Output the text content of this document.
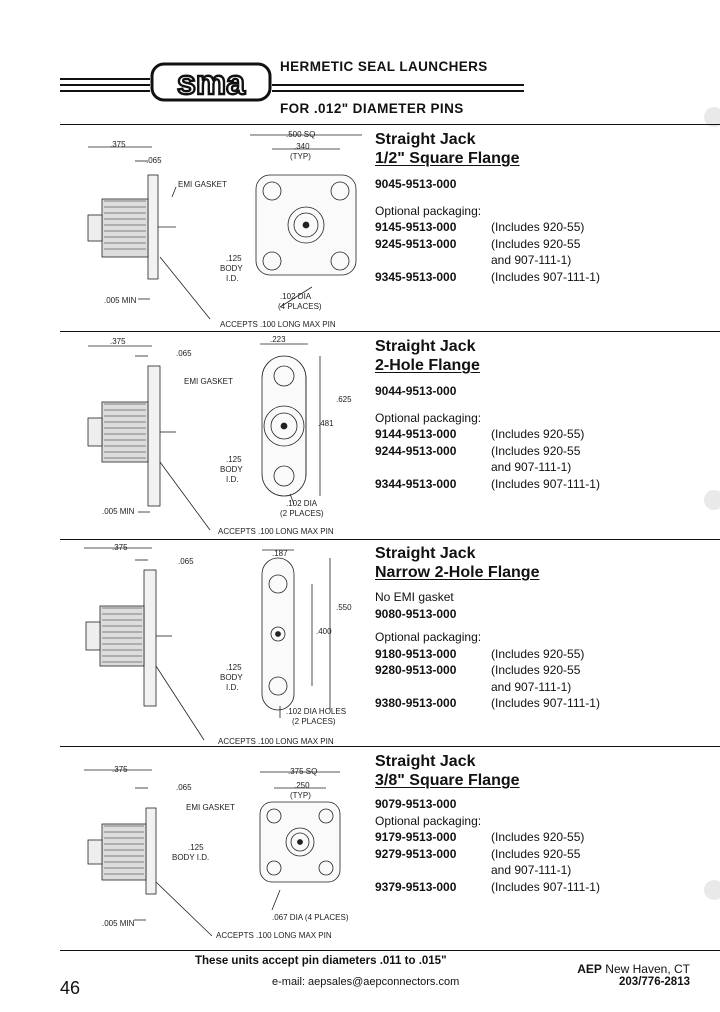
sma	HERMETIC SEAL LAUNCHERS
FOR .012" DIAMETER PINS
.375
.065
EMI GASKET
.125
BODY
I.D.
.005 MIN
ACCEPTS .100 LONG MAX PIN
.500 SQ
.340
(TYP)
.102 DIA
(4 PLACES)
Straight Jack
1/2" Square Flange
9045-9513-000
Optional packaging:
9145-9513-000	(Includes 920-55)
9245-9513-000	(Includes 920-55
and 907-111-1)
9345-9513-000	(Includes 907-111-1)
.375
.065
EMI GASKET
.125
BODY
I.D.
.005 MIN
ACCEPTS .100 LONG MAX PIN
.223
.625
.481
.102 DIA
(2 PLACES)
Straight Jack
2-Hole Flange
9044-9513-000
Optional packaging:
9144-9513-000	(Includes 920-55)
9244-9513-000	(Includes 920-55
and 907-111-1)
9344-9513-000	(Includes 907-111-1)
.375
.065
.125
BODY
I.D.
ACCEPTS .100 LONG MAX PIN
.187
.550
.400
.102 DIA HOLES
(2 PLACES)
Straight Jack
Narrow 2-Hole Flange
No EMI gasket
9080-9513-000
Optional packaging:
9180-9513-000	(Includes 920-55)
9280-9513-000	(Includes 920-55
and 907-111-1)
9380-9513-000	(Includes 907-111-1)
.375
.065
EMI GASKET
.125
BODY I.D.
.005 MIN
ACCEPTS .100 LONG MAX PIN
.375 SQ
.250
(TYP)
.067 DIA (4 PLACES)
Straight Jack
3/8" Square Flange
9079-9513-000
Optional packaging:
9179-9513-000	(Includes 920-55)
9279-9513-000	(Includes 920-55
and 907-111-1)
9379-9513-000	(Includes 907-111-1)
These units accept pin diameters .011 to .015"
46	e-mail: aepsales@aepconnectors.com
AEP New Haven, CT
203/776-2813
